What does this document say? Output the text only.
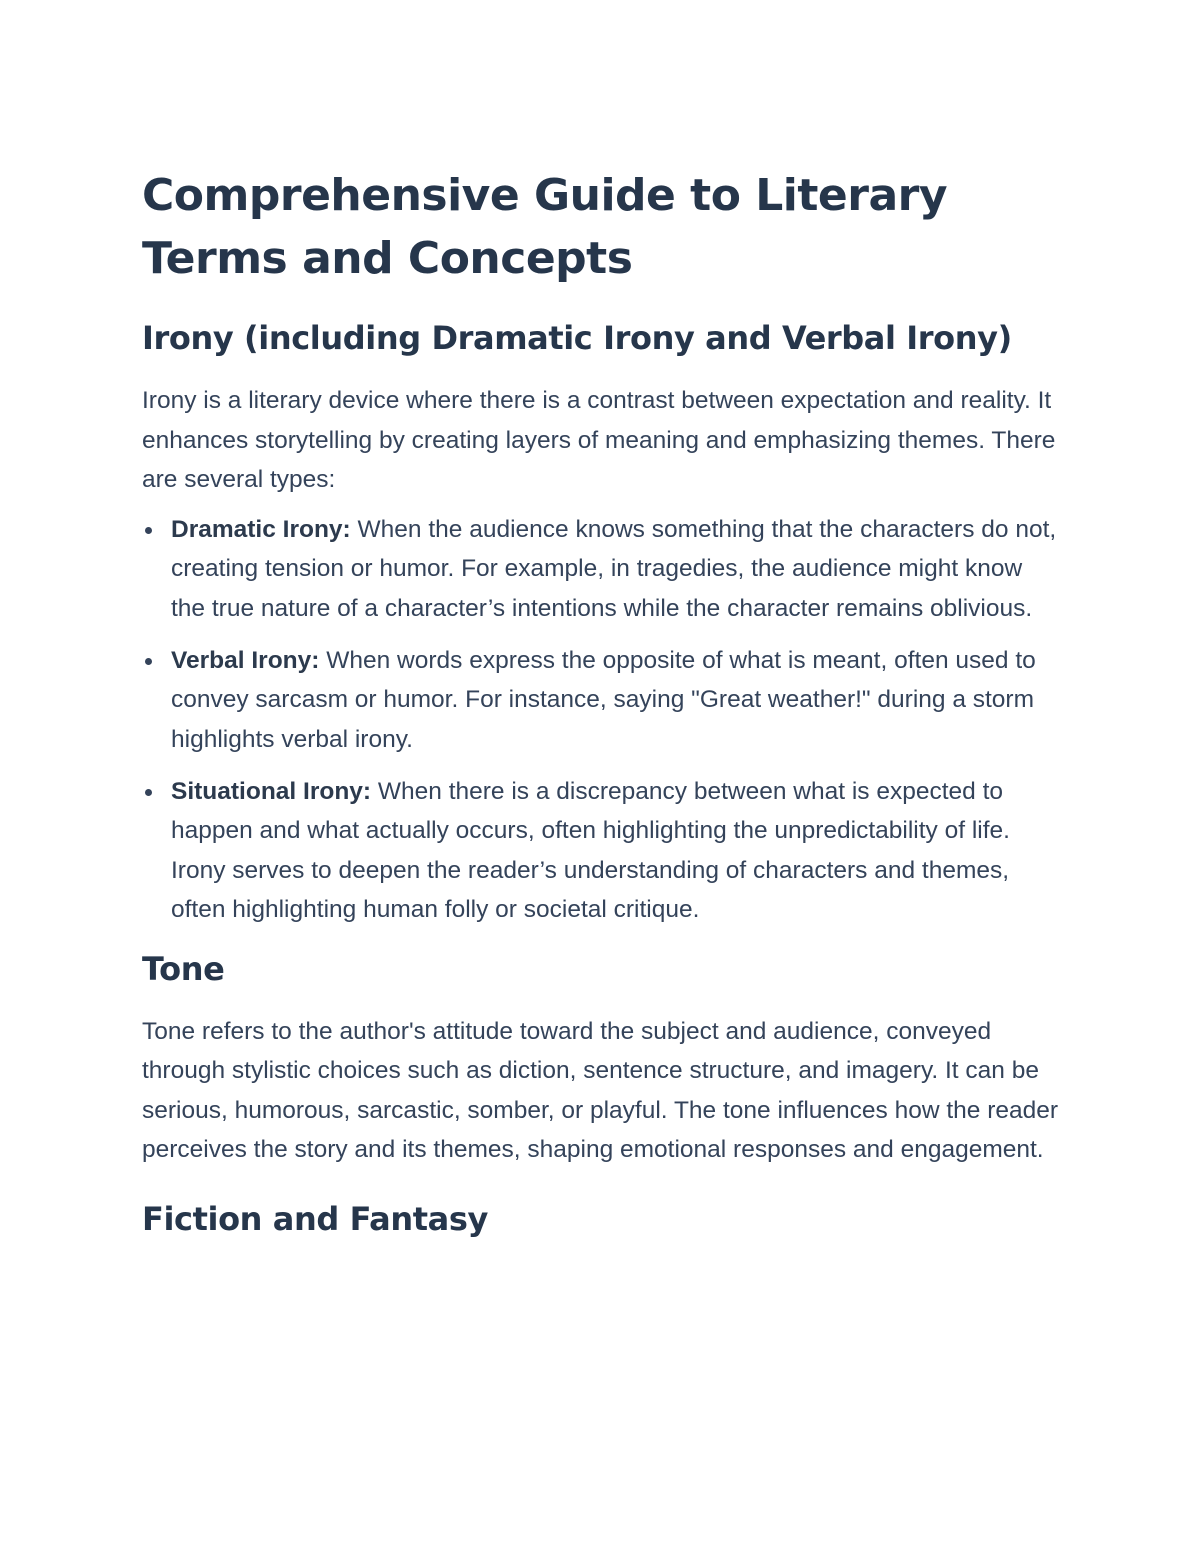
Comprehensive Guide to Literary Terms and Concepts
Irony (including Dramatic Irony and Verbal Irony)

Irony is a literary device where there is a contrast between expectation and reality. It enhances storytelling by creating layers of meaning and emphasizing themes. There are several types:

Dramatic Irony: When the audience knows something that the characters do not, creating tension or humor. For example, in tragedies, the audience might know the true nature of a character’s intentions while the character remains oblivious.
Verbal Irony: When words express the opposite of what is meant, often used to convey sarcasm or humor. For instance, saying "Great weather!" during a storm highlights verbal irony.
Situational Irony: When there is a discrepancy between what is expected to happen and what actually occurs, often highlighting the unpredictability of life. Irony serves to deepen the reader’s understanding of characters and themes, often highlighting human folly or societal critique.
Tone

Tone refers to the author's attitude toward the subject and audience, conveyed through stylistic choices such as diction, sentence structure, and imagery. It can be serious, humorous, sarcastic, somber, or playful. The tone influences how the reader perceives the story and its themes, shaping emotional responses and engagement.

Fiction and Fantasy
